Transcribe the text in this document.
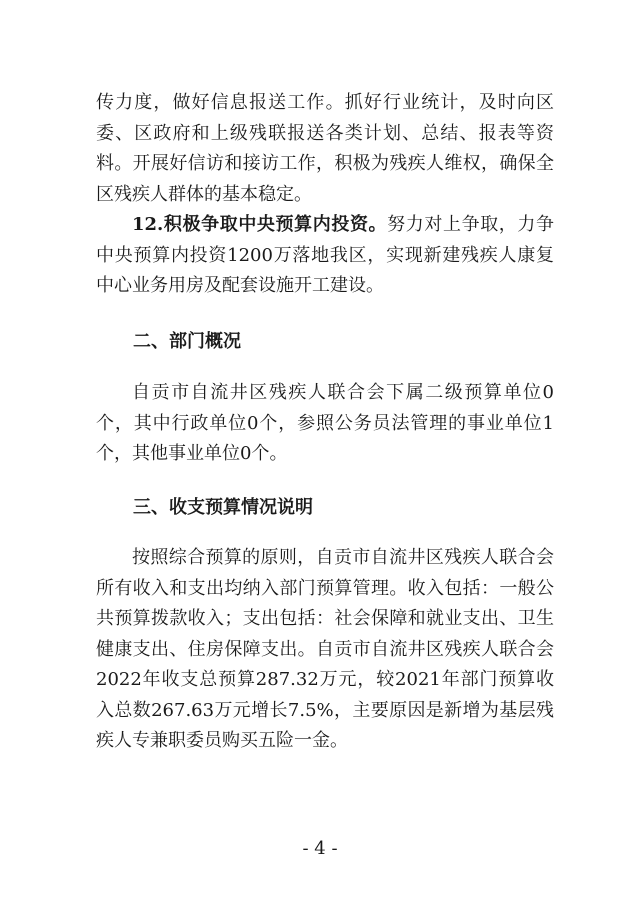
传力度，做好信息报送工作。抓好行业统计，及时向区委、区政府和上级残联报送各类计划、总结、报表等资料。开展好信访和接访工作，积极为残疾人维权，确保全区残疾人群体的基本稳定。

12.积极争取中央预算内投资。努力对上争取，力争中央预算内投资1200万落地我区，实现新建残疾人康复中心业务用房及配套设施开工建设。

二、部门概况

自贡市自流井区残疾人联合会下属二级预算单位0个，其中行政单位0个，参照公务员法管理的事业单位1个，其他事业单位0个。

三、收支预算情况说明

按照综合预算的原则，自贡市自流井区残疾人联合会所有收入和支出均纳入部门预算管理。收入包括：一般公共预算拨款收入；支出包括：社会保障和就业支出、卫生健康支出、住房保障支出。自贡市自流井区残疾人联合会2022年收支总预算287.32万元，较2021年部门预算收入总数267.63万元增长7.5%，主要原因是新增为基层残疾人专兼职委员购买五险一金。

- 4 -
